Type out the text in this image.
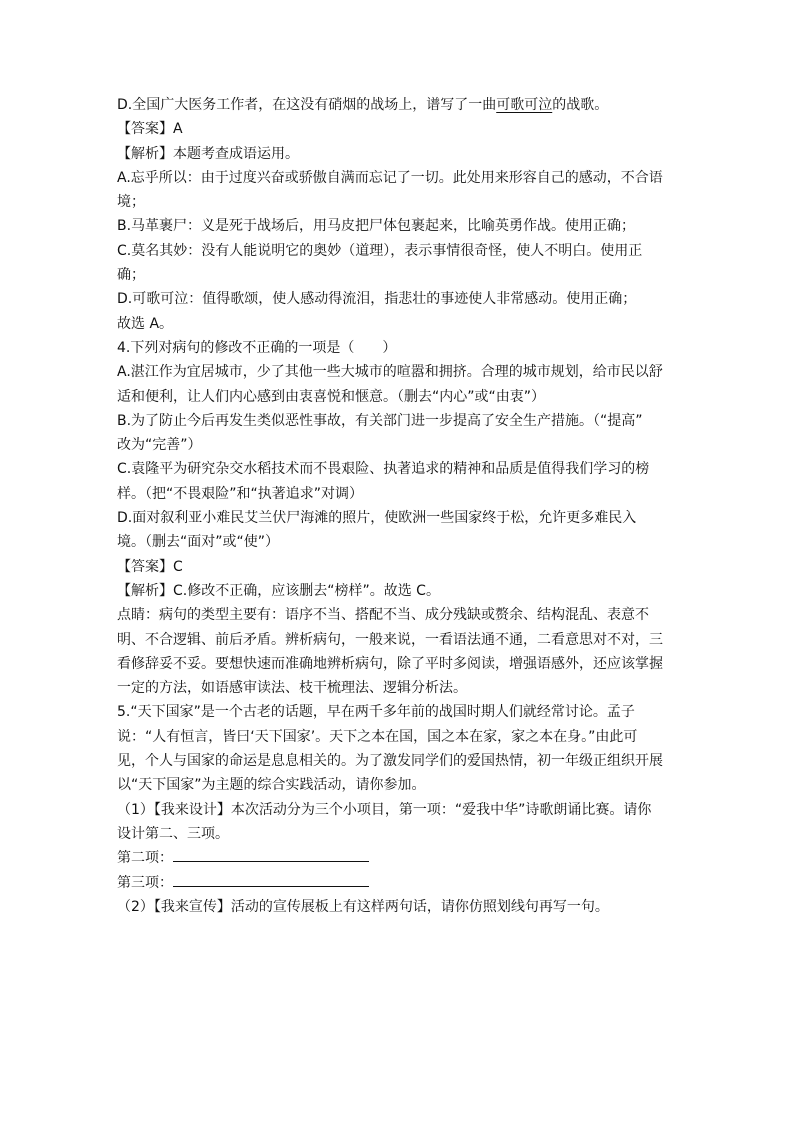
D.全国广大医务工作者，在这没有硝烟的战场上，谱写了一曲可歌可泣的战歌。
【答案】A
【解析】本题考查成语运用。
A.忘乎所以：由于过度兴奋或骄傲自满而忘记了一切。此处用来形容自己的感动，不合语
境；
B.马革裹尸：义是死于战场后，用马皮把尸体包裹起来，比喻英勇作战。使用正确；
C.莫名其妙：没有人能说明它的奥妙（道理），表示事情很奇怪，使人不明白。使用正
确；
D.可歌可泣：值得歌颂，使人感动得流泪，指悲壮的事迹使人非常感动。使用正确；
故选 A。
4.下列对病句的修改不正确的一项是（　　）
A.湛江作为宜居城市，少了其他一些大城市的喧嚣和拥挤。合理的城市规划，给市民以舒
适和便利，让人们内心感到由衷喜悦和惬意。（删去“内心”或“由衷”）
B.为了防止今后再发生类似恶性事故，有关部门进一步提高了安全生产措施。（“提高”
改为“完善”）
C.袁隆平为研究杂交水稻技术而不畏艰险、执著追求的精神和品质是值得我们学习的榜
样。（把“不畏艰险”和“执著追求”对调）
D.面对叙利亚小难民艾兰伏尸海滩的照片，使欧洲一些国家终于松，允许更多难民入
境。（删去“面对”或“使”）
【答案】C
【解析】C.修改不正确，应该删去“榜样”。故选 C。
点睛：病句的类型主要有：语序不当、搭配不当、成分残缺或赘余、结构混乱、表意不
明、不合逻辑、前后矛盾。辨析病句，一般来说，一看语法通不通，二看意思对不对，三
看修辞妥不妥。要想快速而准确地辨析病句，除了平时多阅读，增强语感外，还应该掌握
一定的方法，如语感审读法、枝干梳理法、逻辑分析法。
5.“天下国家”是一个古老的话题，早在两千多年前的战国时期人们就经常讨论。孟子
说：“人有恒言，皆曰‘天下国家’。天下之本在国，国之本在家，家之本在身。”由此可
见，个人与国家的命运是息息相关的。为了激发同学们的爱国热情，初一年级正组织开展
以“天下国家”为主题的综合实践活动，请你参加。
（1）【我来设计】本次活动分为三个小项目，第一项：“爱我中华”诗歌朗诵比赛。请你
设计第二、三项。
第二项：
第三项：
（2）【我来宣传】活动的宣传展板上有这样两句话，请你仿照划线句再写一句。
